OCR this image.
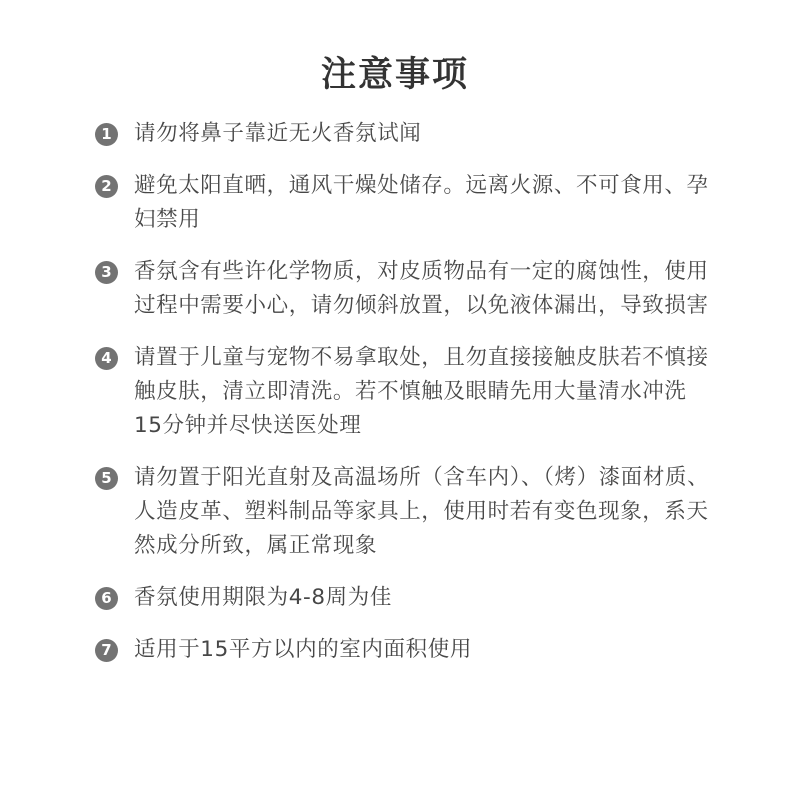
注意事项
1 请勿将鼻子靠近无火香氛试闻

2 避免太阳直晒，通风干燥处储存。远离火源、不可食用、孕妇禁用

3 香氛含有些许化学物质，对皮质物品有一定的腐蚀性，使用过程中需要小心，请勿倾斜放置，以免液体漏出，导致损害

4 请置于儿童与宠物不易拿取处，且勿直接接触皮肤若不慎接触皮肤，清立即清洗。若不慎触及眼睛先用大量清水冲洗15分钟并尽快送医处理

5 请勿置于阳光直射及高温场所（含车内）、（烤）漆面材质、人造皮革、塑料制品等家具上，使用时若有变色现象，系天然成分所致，属正常现象

6 香氛使用期限为4-8周为佳

7 适用于15平方以内的室内面积使用
